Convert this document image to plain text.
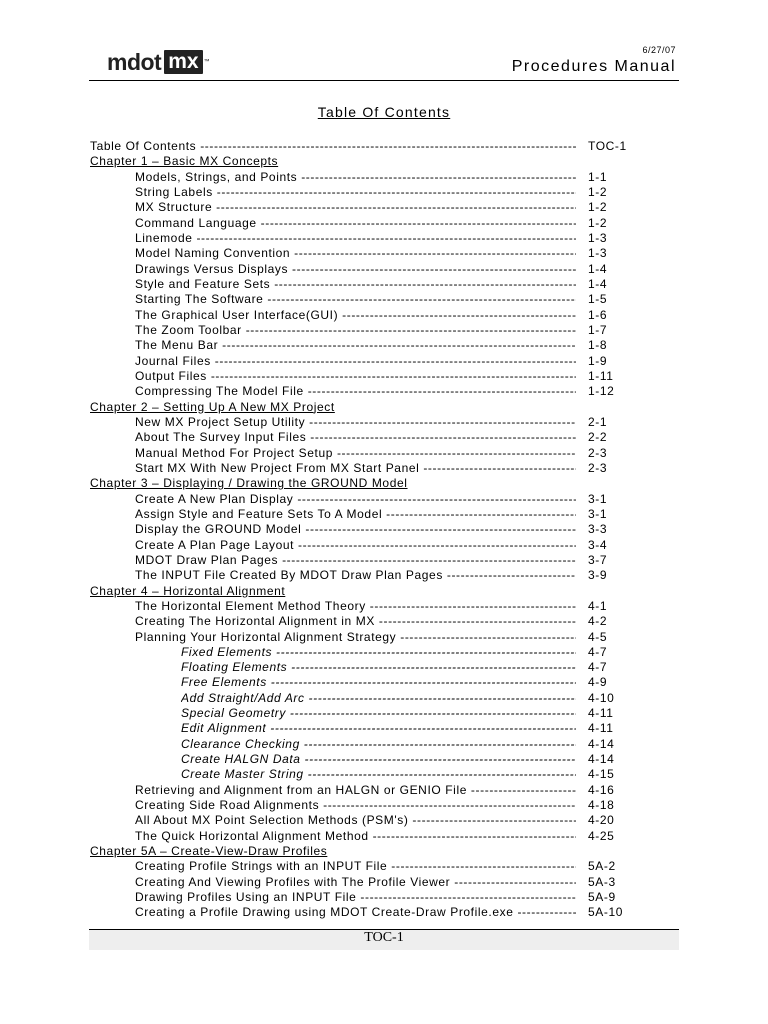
mdot mx ™
6/27/07
Procedures Manual
Table Of Contents
Table Of Contents -----	TOC-1
Chapter 1 – Basic MX Concepts
Models, Strings, and Points -----	1-1
String Labels -----	1-2
MX Structure -----	1-2
Command Language -----	1-2
Linemode -----	1-3
Model Naming Convention -----	1-3
Drawings Versus Displays -----	1-4
Style and Feature Sets -----	1-4
Starting The Software -----	1-5
The Graphical User Interface(GUI) -----	1-6
The Zoom Toolbar -----	1-7
The Menu Bar -----	1-8
Journal Files -----	1-9
Output Files -----	1-11
Compressing The Model File -----	1-12
Chapter 2 – Setting Up A New MX Project
New MX Project Setup Utility -----	2-1
About The Survey Input Files -----	2-2
Manual Method For Project Setup -----	2-3
Start MX With New Project From MX Start Panel -----	2-3
Chapter 3 – Displaying / Drawing the GROUND Model
Create A New Plan Display -----	3-1
Assign Style and Feature Sets To A Model -----	3-1
Display the GROUND Model -----	3-3
Create A Plan Page Layout -----	3-4
MDOT Draw Plan Pages -----	3-7
The INPUT File Created By MDOT Draw Plan Pages -----	3-9
Chapter 4 – Horizontal Alignment
The Horizontal Element Method Theory -----	4-1
Creating The Horizontal Alignment in MX -----	4-2
Planning Your Horizontal Alignment Strategy -----	4-5
Fixed Elements -----	4-7
Floating Elements -----	4-7
Free Elements -----	4-9
Add Straight/Add Arc -----	4-10
Special Geometry -----	4-11
Edit Alignment -----	4-11
Clearance Checking -----	4-14
Create HALGN Data -----	4-14
Create Master String -----	4-15
Retrieving and Alignment from an HALGN or GENIO File -----	4-16
Creating Side Road Alignments -----	4-18
All About MX Point Selection Methods (PSM's) -----	4-20
The Quick Horizontal Alignment Method -----	4-25
Chapter 5A – Create-View-Draw Profiles
Creating Profile Strings with an INPUT File -----	5A-2
Creating And Viewing Profiles with The Profile Viewer -----	5A-3
Drawing Profiles Using an INPUT File -----	5A-9
Creating a Profile Drawing using MDOT Create-Draw Profile.exe -----	5A-10
TOC-1
